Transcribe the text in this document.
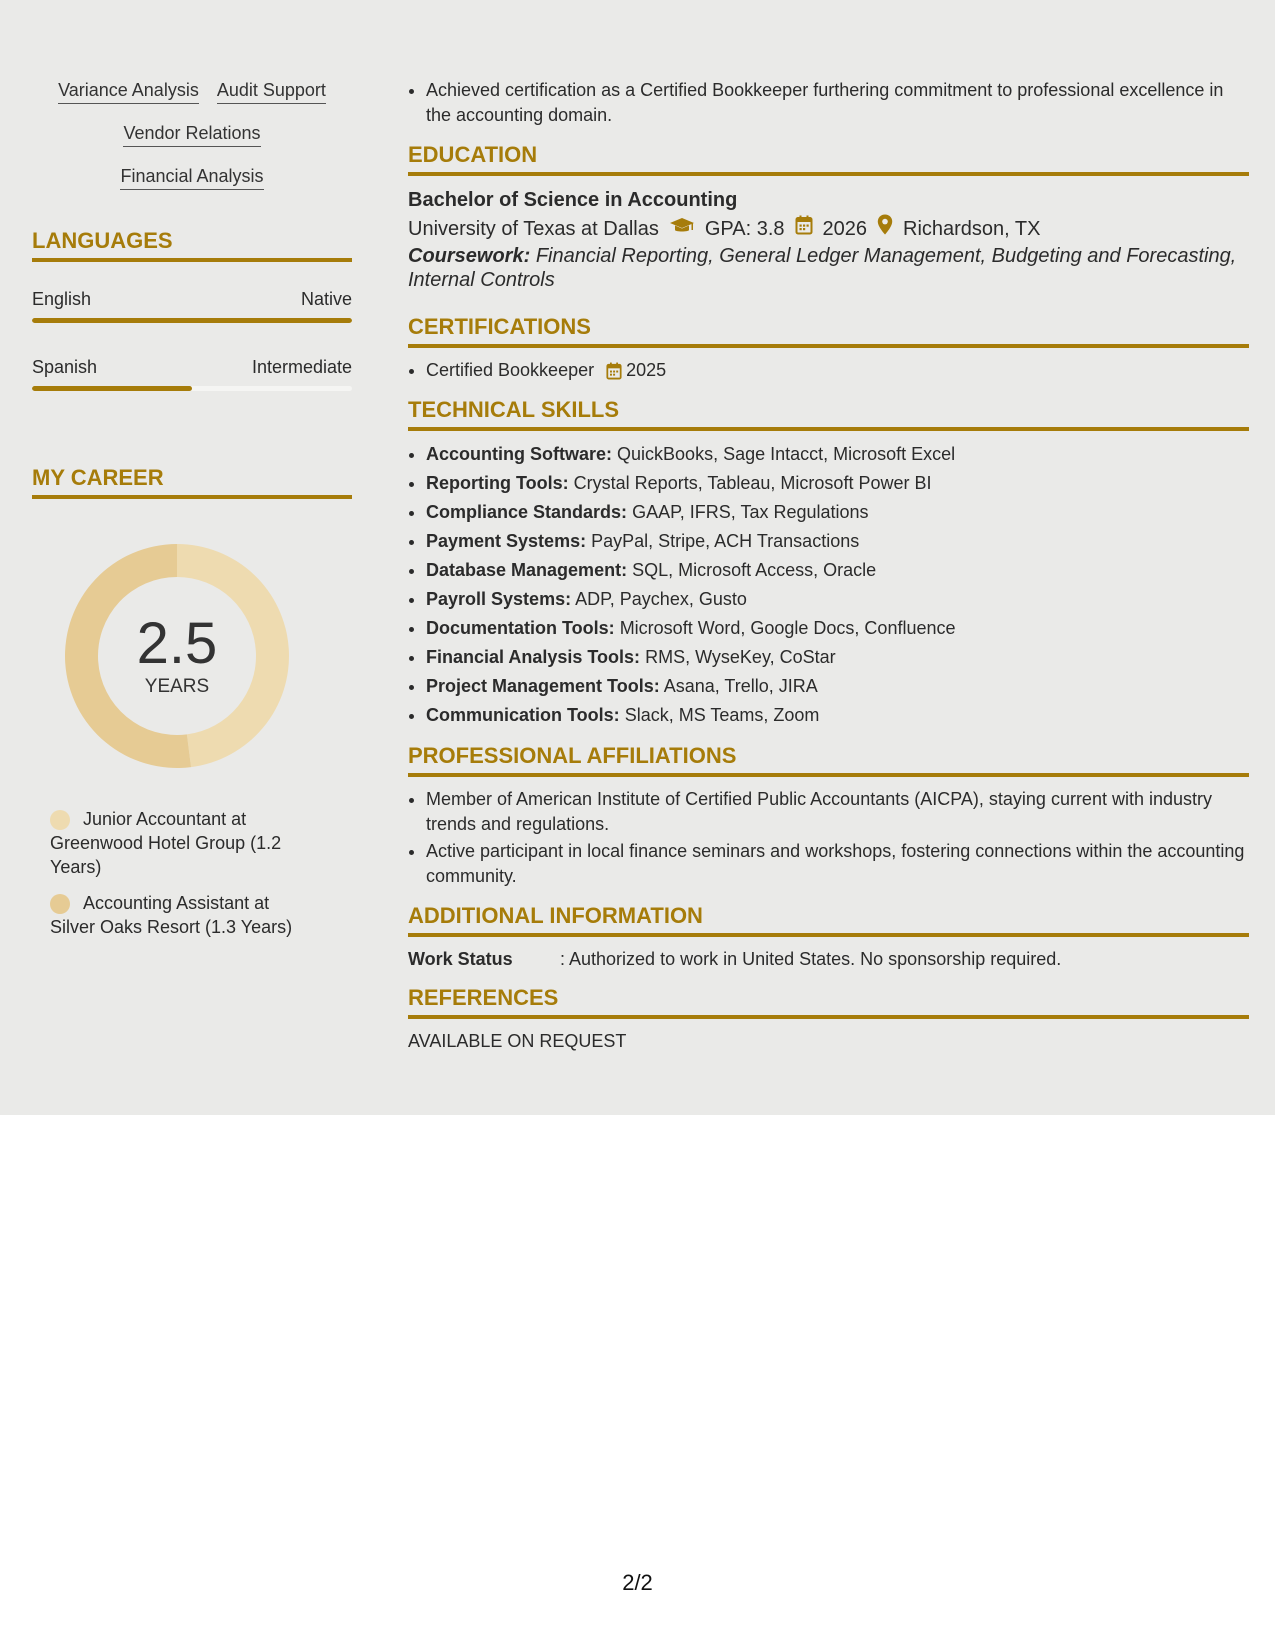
Variance Analysis Audit Support
Vendor Relations
Financial Analysis
LANGUAGES
English	Native
Spanish	Intermediate
MY CAREER
2.5
YEARS
Junior Accountant at Greenwood Hotel Group (1.2 Years)
Accounting Assistant at Silver Oaks Resort (1.3 Years)
• Achieved certification as a Certified Bookkeeper furthering commitment to professional excellence in the accounting domain.
EDUCATION
Bachelor of Science in Accounting
University of Texas at Dallas GPA: 3.8 2026 Richardson, TX
Coursework: Financial Reporting, General Ledger Management, Budgeting and Forecasting, Internal Controls
CERTIFICATIONS
• Certified Bookkeeper 2025
TECHNICAL SKILLS
• Accounting Software: QuickBooks, Sage Intacct, Microsoft Excel
• Reporting Tools: Crystal Reports, Tableau, Microsoft Power BI
• Compliance Standards: GAAP, IFRS, Tax Regulations
• Payment Systems: PayPal, Stripe, ACH Transactions
• Database Management: SQL, Microsoft Access, Oracle
• Payroll Systems: ADP, Paychex, Gusto
• Documentation Tools: Microsoft Word, Google Docs, Confluence
• Financial Analysis Tools: RMS, WyseKey, CoStar
• Project Management Tools: Asana, Trello, JIRA
• Communication Tools: Slack, MS Teams, Zoom
PROFESSIONAL AFFILIATIONS
• Member of American Institute of Certified Public Accountants (AICPA), staying current with industry trends and regulations.
• Active participant in local finance seminars and workshops, fostering connections within the accounting community.
ADDITIONAL INFORMATION
Work Status	: Authorized to work in United States. No sponsorship required.
REFERENCES
AVAILABLE ON REQUEST
2/2
